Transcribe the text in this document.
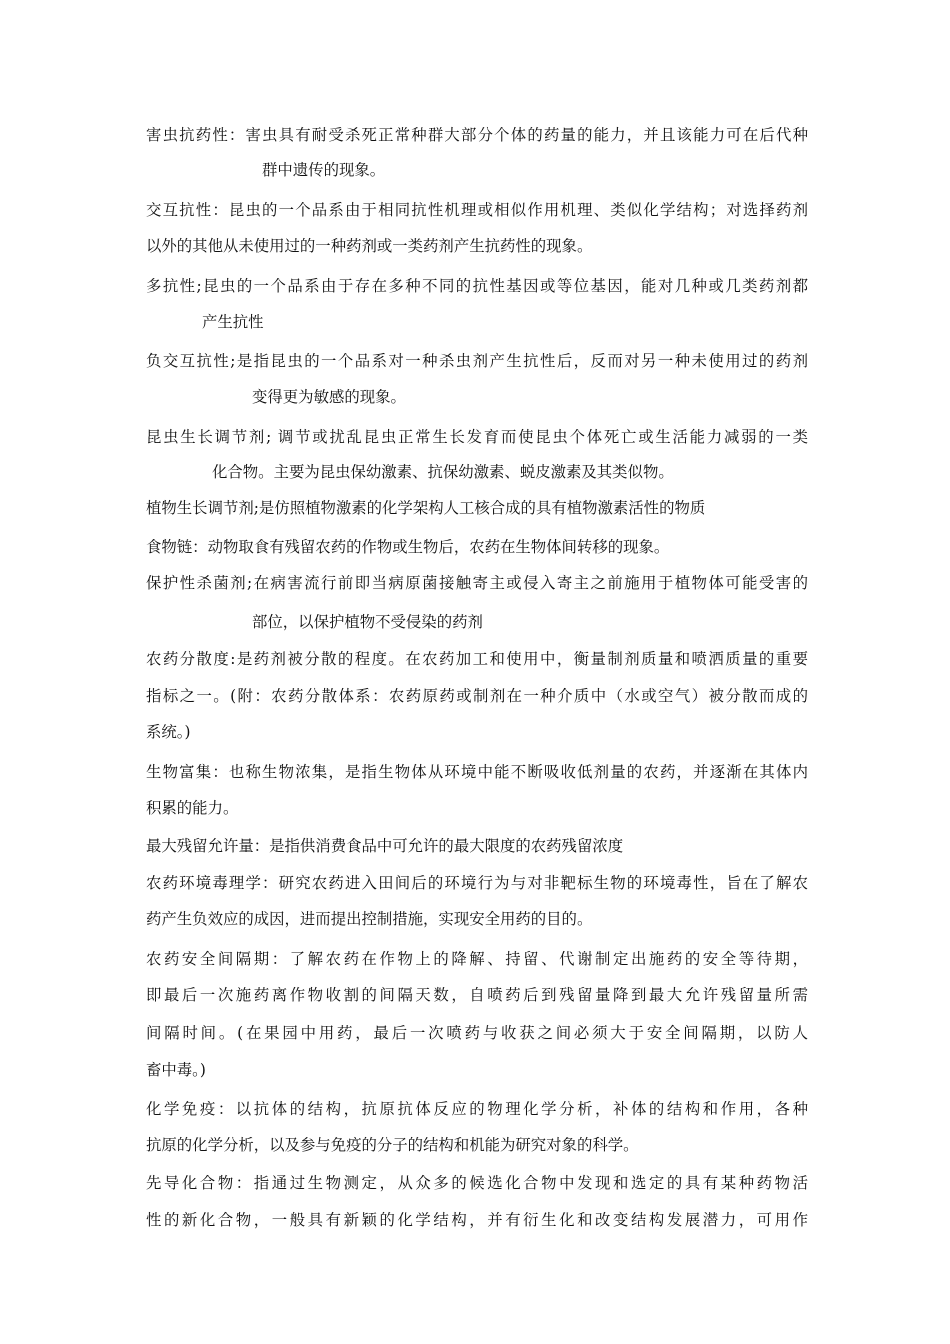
害虫抗药性：害虫具有耐受杀死正常种群大部分个体的药量的能力，并且该能力可在后代种
群中遗传的现象。
交互抗性：昆虫的一个品系由于相同抗性机理或相似作用机理、类似化学结构；对选择药剂
以外的其他从未使用过的一种药剂或一类药剂产生抗药性的现象。
多抗性;昆虫的一个品系由于存在多种不同的抗性基因或等位基因，能对几种或几类药剂都
产生抗性
负交互抗性;是指昆虫的一个品系对一种杀虫剂产生抗性后，反而对另一种未使用过的药剂
变得更为敏感的现象。
昆虫生长调节剂; 调节或扰乱昆虫正常生长发育而使昆虫个体死亡或生活能力减弱的一类
化合物。主要为昆虫保幼激素、抗保幼激素、蜕皮激素及其类似物。
植物生长调节剂;是仿照植物激素的化学架构人工核合成的具有植物激素活性的物质
食物链：动物取食有残留农药的作物或生物后，农药在生物体间转移的现象。
保护性杀菌剂;在病害流行前即当病原菌接触寄主或侵入寄主之前施用于植物体可能受害的
部位，以保护植物不受侵染的药剂
农药分散度:是药剂被分散的程度。在农药加工和使用中，衡量制剂质量和喷洒质量的重要
指标之一。(附：农药分散体系：农药原药或制剂在一种介质中（水或空气）被分散而成的
系统。)
生物富集：也称生物浓集，是指生物体从环境中能不断吸收低剂量的农药，并逐渐在其体内
积累的能力。
最大残留允许量：是指供消费食品中可允许的最大限度的农药残留浓度
农药环境毒理学：研究农药进入田间后的环境行为与对非靶标生物的环境毒性，旨在了解农
药产生负效应的成因，进而提出控制措施，实现安全用药的目的。
农药安全间隔期：了解农药在作物上的降解、持留、代谢制定出施药的安全等待期，
即最后一次施药离作物收割的间隔天数，自喷药后到残留量降到最大允许残留量所需
间隔时间。(在果园中用药，最后一次喷药与收获之间必须大于安全间隔期，以防人
畜中毒。)
化学免疫：以抗体的结构，抗原抗体反应的物理化学分析，补体的结构和作用，各种
抗原的化学分析，以及参与免疫的分子的结构和机能为研究对象的科学。
先导化合物：指通过生物测定，从众多的候选化合物中发现和选定的具有某种药物活
性的新化合物，一般具有新颖的化学结构，并有衍生化和改变结构发展潜力，可用作
